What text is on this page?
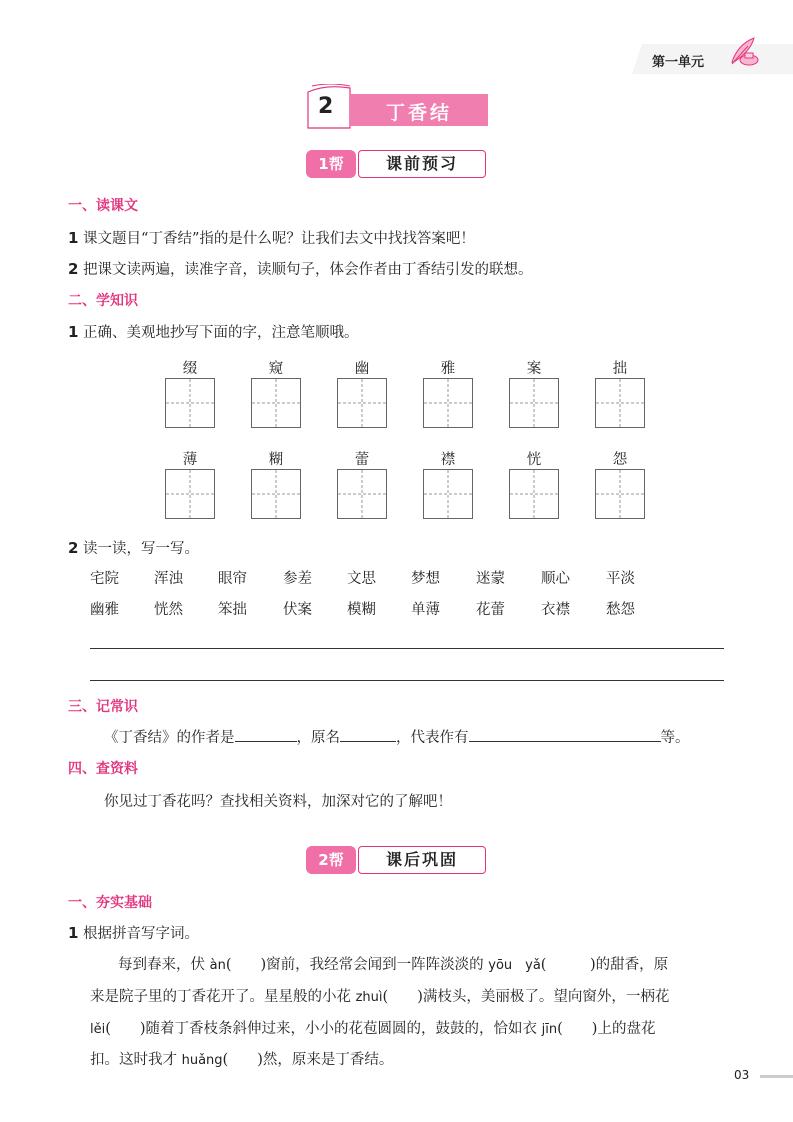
第一单元
2	丁香结
1帮	课前预习
一、读课文
1 课文题目“丁香结”指的是什么呢？让我们去文中找找答案吧！
2 把课文读两遍，读准字音，读顺句子，体会作者由丁香结引发的联想。
二、学知识
1 正确、美观地抄写下面的字，注意笔顺哦。
缀	窥	幽	雅	案	拙
薄	糊	蕾	襟	恍	怨
2 读一读，写一写。
宅院 浑浊 眼帘 参差 文思 梦想 迷蒙 顺心 平淡
幽雅 恍然 笨拙 伏案 模糊 单薄 花蕾 衣襟 愁怨
三、记常识
《丁香结》的作者是	，原名	，代表作有	等。
四、查资料
你见过丁香花吗？查找相关资料，加深对它的了解吧！
2帮	课后巩固
一、夯实基础
1 根据拼音写字词。
每到春来，伏 àn(　　)窗前，我经常会闻到一阵阵淡淡的 yōu　yǎ(　　　)的甜香，原
来是院子里的丁香花开了。星星般的小花 zhuì(　　)满枝头，美丽极了。望向窗外，一柄花
lěi(　　)随着丁香枝条斜伸过来，小小的花苞圆圆的，鼓鼓的，恰如衣 jīn(　　)上的盘花
扣。这时我才 huǎng(　　)然，原来是丁香结。
03
